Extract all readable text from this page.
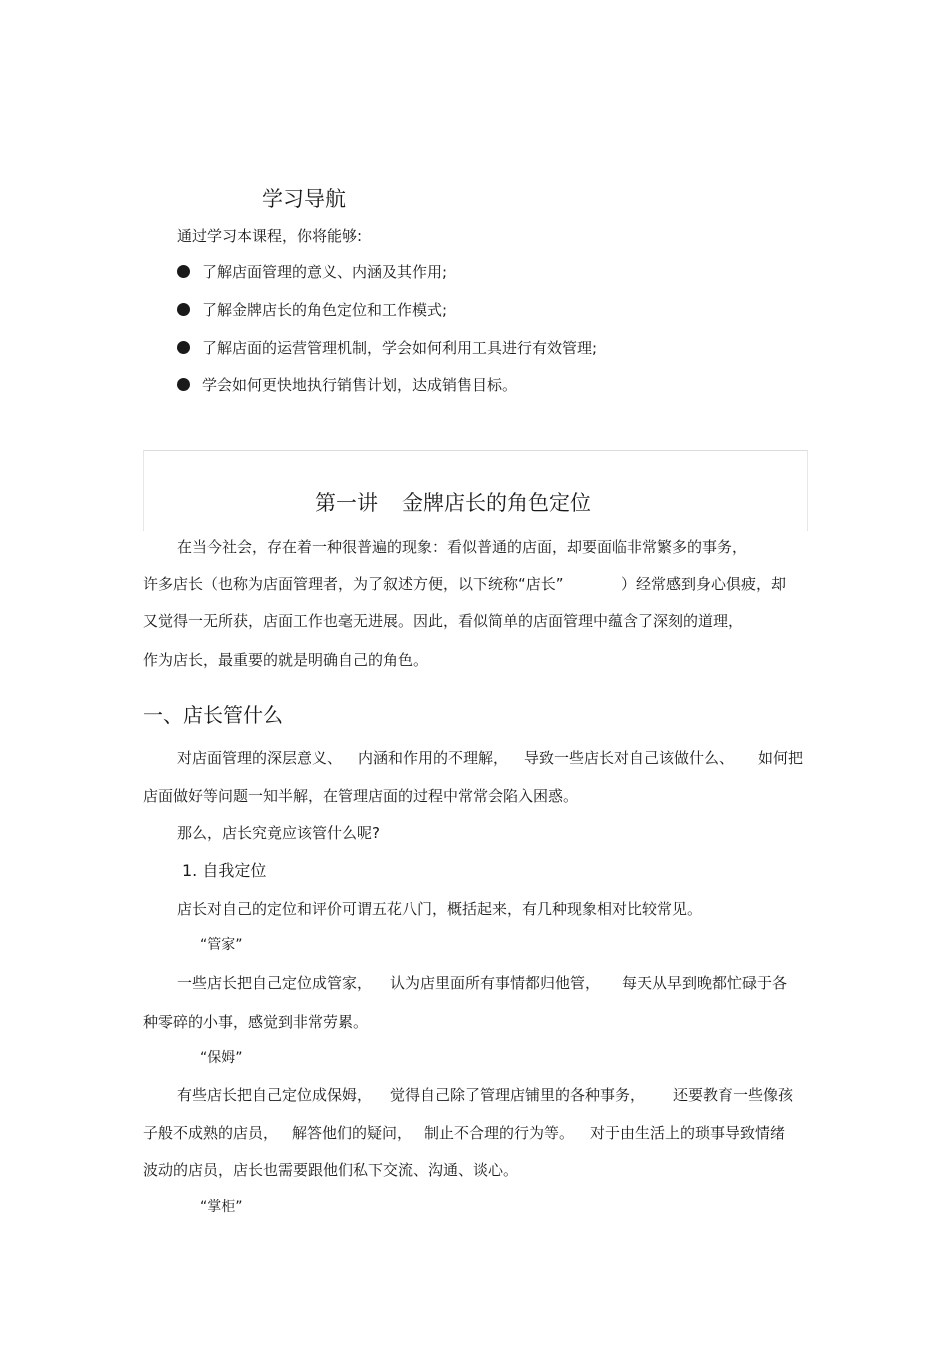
学习导航
通过学习本课程，你将能够:
了解店面管理的意义、内涵及其作用;
了解金牌店长的角色定位和工作模式;
了解店面的运营管理机制，学会如何利用工具进行有效管理;
学会如何更快地执行销售计划，达成销售目标。
第一讲 金牌店长的角色定位
在当今社会，存在着一种很普遍的现象：看似普通的店面，却要面临非常繁多的事务，
许多店长（也称为店面管理者，为了叙述方便，以下统称“店长”	）经常感到身心俱疲，却
又觉得一无所获，店面工作也毫无进展。因此，看似简单的店面管理中蕴含了深刻的道理，
作为店长，最重要的就是明确自己的角色。
一、店长管什么
对店面管理的深层意义、 内涵和作用的不理解， 导致一些店长对自己该做什么、 如何把
店面做好等问题一知半解，在管理店面的过程中常常会陷入困惑。
那么，店长究竟应该管什么呢?
1. 自我定位
店长对自己的定位和评价可谓五花八门，概括起来，有几种现象相对比较常见。
“管家”
一些店长把自己定位成管家， 认为店里面所有事情都归他管， 每天从早到晚都忙碌于各
种零碎的小事，感觉到非常劳累。
“保姆”
有些店长把自己定位成保姆， 觉得自己除了管理店铺里的各种事务， 还要教育一些像孩
子般不成熟的店员， 解答他们的疑问， 制止不合理的行为等。 对于由生活上的琐事导致情绪
波动的店员，店长也需要跟他们私下交流、沟通、谈心。
“掌柜”
